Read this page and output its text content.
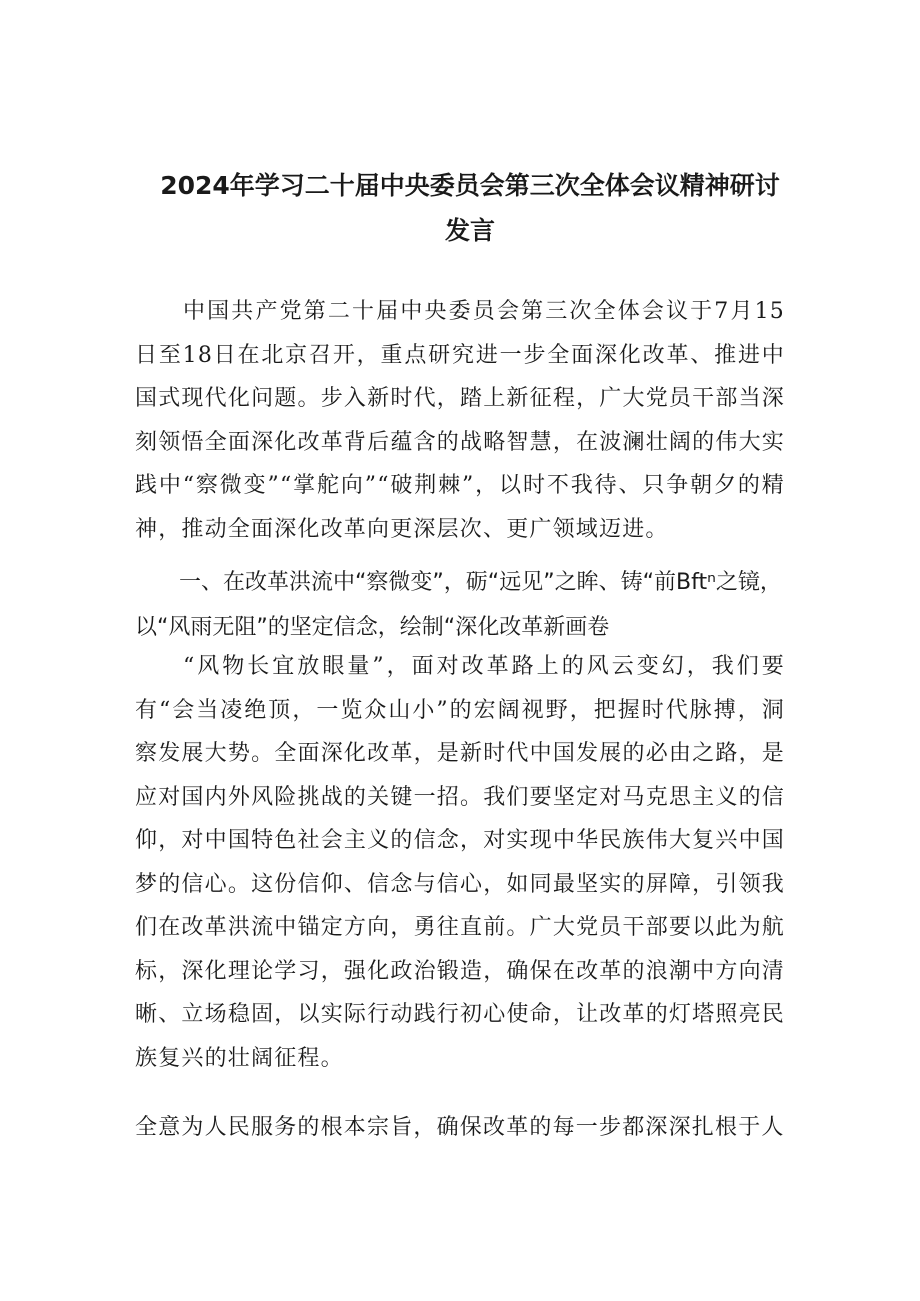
2024年学习二十届中央委员会第三次全体会议精神研讨发言

中国共产党第二十届中央委员会第三次全体会议于7月15日至18日在北京召开，重点研究进一步全面深化改革、推进中国式现代化问题。步入新时代，踏上新征程，广大党员干部当深刻领悟全面深化改革背后蕴含的战略智慧，在波澜壮阔的伟大实践中“察微变”“掌舵向”“破荆棘”，以时不我待、只争朝夕的精神，推动全面深化改革向更深层次、更广领域迈进。

一、在改革洪流中“察微变”，砺“远见”之眸、铸“前Bftⁿ之镜，以“风雨无阻”的坚定信念，绘制“深化改革新画卷

“风物长宜放眼量”，面对改革路上的风云变幻，我们要有“会当凌绝顶，一览众山小”的宏阔视野，把握时代脉搏，洞察发展大势。全面深化改革，是新时代中国发展的必由之路，是应对国内外风险挑战的关键一招。我们要坚定对马克思主义的信仰，对中国特色社会主义的信念，对实现中华民族伟大复兴中国梦的信心。这份信仰、信念与信心，如同最坚实的屏障，引领我们在改革洪流中锚定方向，勇往直前。广大党员干部要以此为航标，深化理论学习，强化政治锻造，确保在改革的浪潮中方向清晰、立场稳固，以实际行动践行初心使命，让改革的灯塔照亮民族复兴的壮阔征程。

全意为人民服务的根本宗旨，确保改革的每一步都深深扎根于人
